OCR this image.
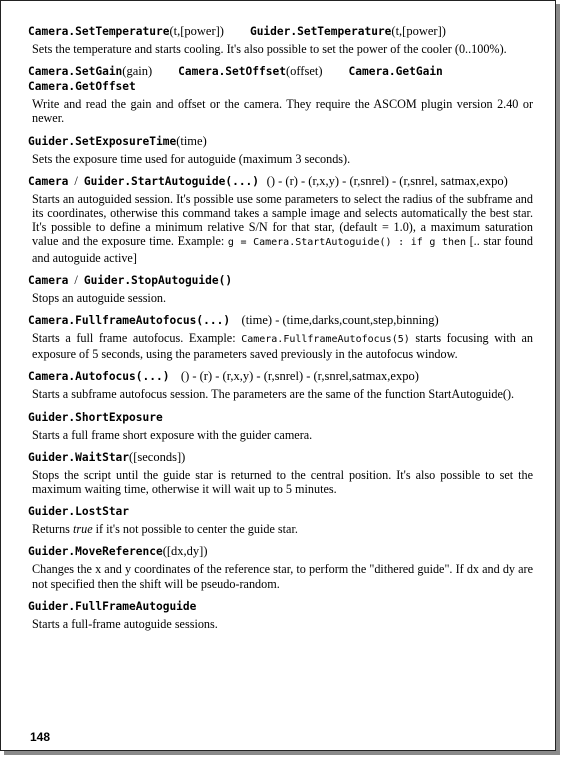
Camera.SetTemperature(t,[power]) Guider.SetTemperature(t,[power])

Sets the temperature and starts cooling. It's also possible to set the power of the cooler (0..100%).

Camera.SetGain(gain) Camera.SetOffset(offset) Camera.GetGain
Camera.GetOffset

Write and read the gain and offset or the camera. They require the ASCOM plugin version 2.40 or newer.

Guider.SetExposureTime(time)

Sets the exposure time used for autoguide (maximum 3 seconds).

Camera / Guider.StartAutoguide(...) () - (r) - (r,x,y) - (r,snrel) - (r,snrel, satmax,expo)

Starts an autoguided session. It's possible use some parameters to select the radius of the subframe and its coordinates, otherwise this command takes a sample image and selects automatically the best star. It's possible to define a minimum relative S/N for that star, (default = 1.0), a maximum saturation value and the exposure time. Example: g = Camera.StartAutoguide() : if g then [.. star found and autoguide active]

Camera / Guider.StopAutoguide()

Stops an autoguide session.

Camera.FullframeAutofocus(...) (time) - (time,darks,count,step,binning)

Starts a full frame autofocus. Example: Camera.FullframeAutofocus(5) starts focusing with an exposure of 5 seconds, using the parameters saved previously in the autofocus window.

Camera.Autofocus(...) () - (r) - (r,x,y) - (r,snrel) - (r,snrel,satmax,expo)

Starts a subframe autofocus session. The parameters are the same of the function StartAutoguide().

Guider.ShortExposure

Starts a full frame short exposure with the guider camera.

Guider.WaitStar([seconds])

Stops the script until the guide star is returned to the central position. It's also possible to set the maximum waiting time, otherwise it will wait up to 5 minutes.

Guider.LostStar

Returns true if it's not possible to center the guide star.

Guider.MoveReference([dx,dy])

Changes the x and y coordinates of the reference star, to perform the "dithered guide". If dx and dy are not specified then the shift will be pseudo-random.

Guider.FullFrameAutoguide

Starts a full-frame autoguide sessions.

148
